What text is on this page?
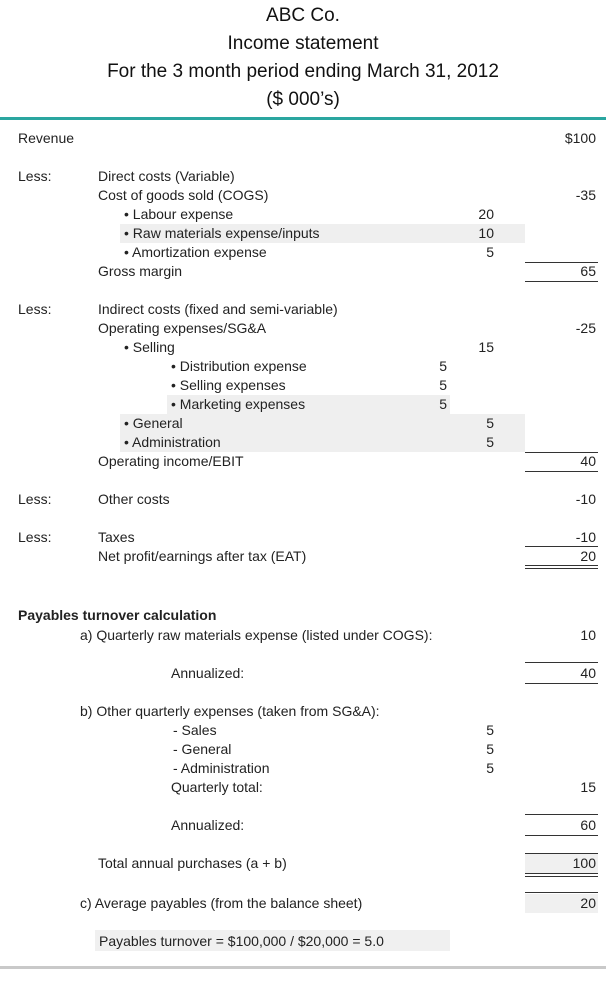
ABC Co.
Income statement
For the 3 month period ending March 31, 2012
($ 000’s)
Revenue	$100
Less:	Direct costs (Variable)
Cost of goods sold (COGS)	-35
• Labour expense	20
• Raw materials expense/inputs	10
• Amortization expense	5
Gross margin	65
Less:	Indirect costs (fixed and semi-variable)
Operating expenses/SG&A	-25
• Selling	15
• Distribution expense	5
• Selling expenses	5
• Marketing expenses	5
• General	5
• Administration	5
Operating income/EBIT	40
Less:	Other costs	-10
Less:	Taxes	-10
Net profit/earnings after tax (EAT)	20
Payables turnover calculation
a) Quarterly raw materials expense (listed under COGS):	10
Annualized:	40
b) Other quarterly expenses (taken from SG&A):
- Sales	5
- General	5
- Administration	5
Quarterly total:	15
Annualized:	60
Total annual purchases (a + b)	100
c) Average payables (from the balance sheet)	20
Payables turnover = $100,000 / $20,000 = 5.0
